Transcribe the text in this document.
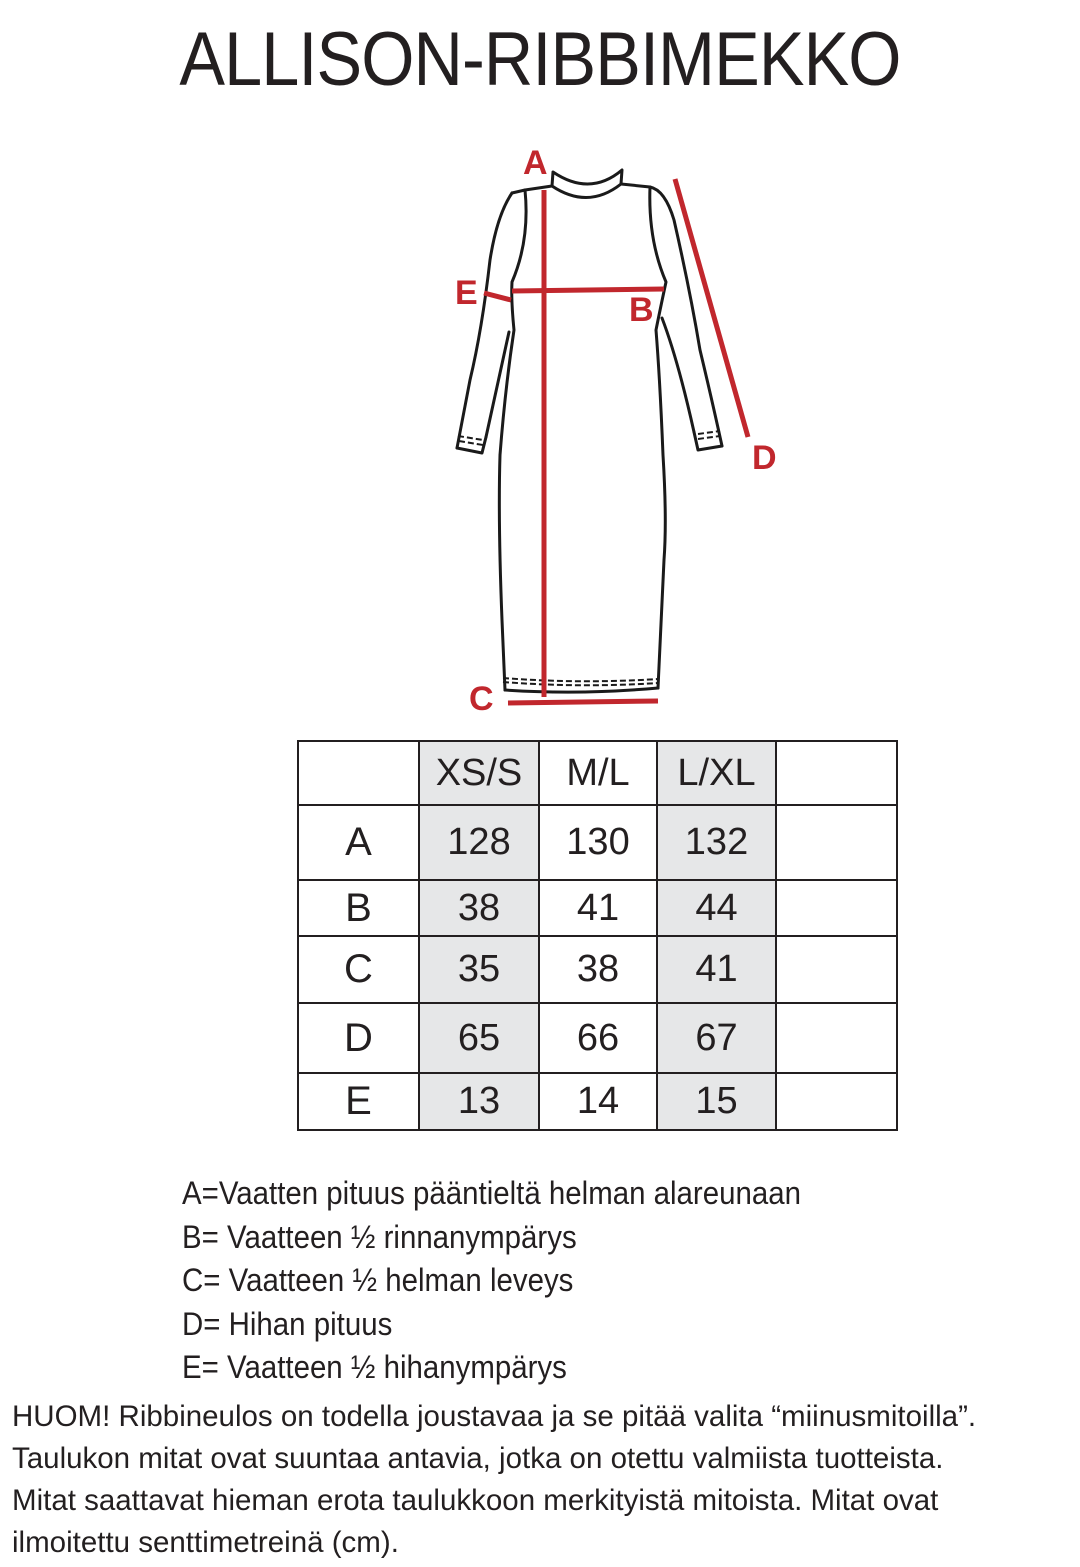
ALLISON-RIBBIMEKKO
A
B
C
D
E
	XS/S	M/L	L/XL	
A	128	130	132	
B	38	41	44	
C	35	38	41	
D	65	66	67	
E	13	14	15	
A=Vaatten pituus pääntieltä helman alareunaan
B= Vaatteen ½ rinnanympärys
C= Vaatteen ½ helman leveys
D= Hihan pituus
E= Vaatteen ½ hihanympärys
HUOM! Ribbineulos on todella joustavaa ja se pitää valita “miinusmitoilla”.
Taulukon mitat ovat suuntaa antavia, jotka on otettu valmiista tuotteista.
Mitat saattavat hieman erota taulukkoon merkityistä mitoista. Mitat ovat
ilmoitettu senttimetreinä (cm).
